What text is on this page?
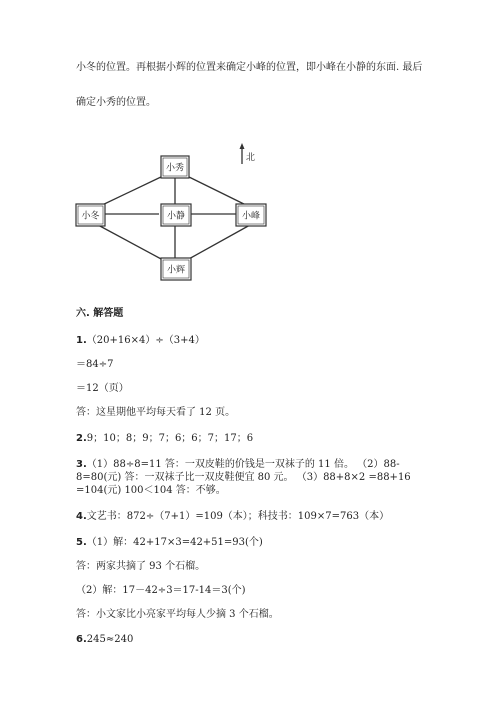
小冬的位置。再根据小辉的位置来确定小峰的位置，即小峰在小静的东面. 最后
确定小秀的位置。
北
小秀
小冬	小静	小峰
小辉
六. 解答题
1.（20+16×4）÷（3+4）
＝84÷7
＝12（页）
答：这星期他平均每天看了 12 页。
2.9；10；8；9；7；6；6；7；17；6
3.（1）88÷8=11 答：一双皮鞋的价钱是一双袜子的 11 倍。 （2）88-
8=80(元) 答：一双袜子比一双皮鞋便宜 80 元。 （3）88+8×2 =88+16
=104(元) 100＜104 答：不够。
4.文艺书：872÷（7+1）=109（本）；科技书：109×7=763（本）
5.（1）解：42+17×3=42+51=93(个)
答：两家共摘了 93 个石榴。
（2）解：17－42÷3＝17-14＝3(个)
答：小文家比小亮家平均每人少摘 3 个石榴。
6.245≈240
